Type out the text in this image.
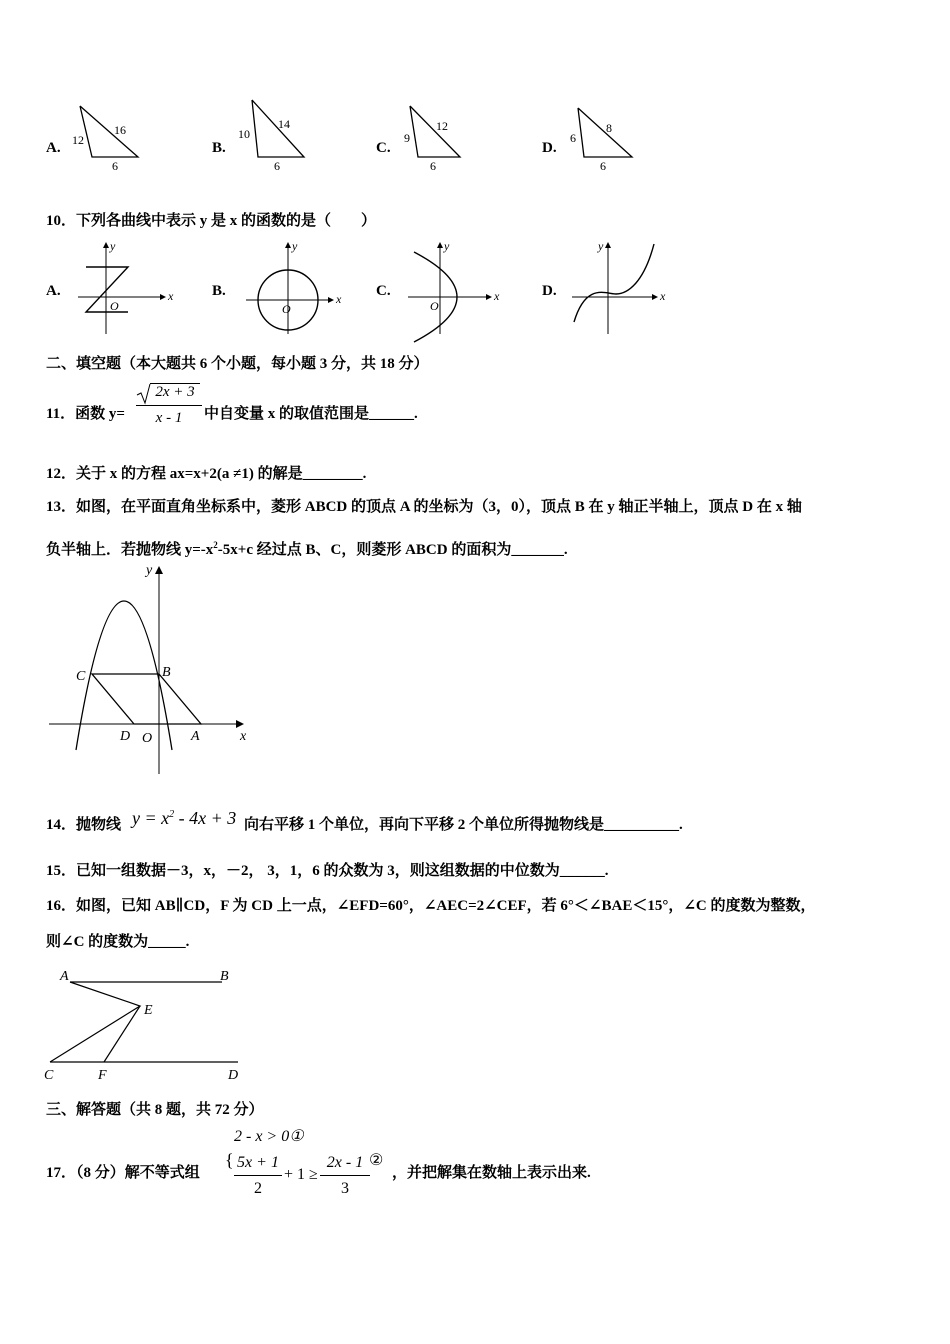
A. 12
16
6
B.
10
14
6
C.
9
12
6
D.
6
8
6
10．下列各曲线中表示 y 是 x 的函数的是（　　）
A.	x
y
O
B.	x
y
O
C.	x
y
O
D.	x
y
二、填空题（本大题共 6 个小题，每小题 3 分，共 18 分）
11．函数 y=
2x + 3
x - 1	中自变量 x 的取值范围是______.
12．关于 x 的方程 ax=x+2(a ≠1) 的解是________.
13．如图，在平面直角坐标系中，菱形 ABCD 的顶点 A 的坐标为（3，0），顶点 B 在 y 轴正半轴上，顶点 D 在 x 轴
负半轴上．若抛物线 $y=-x^2-5x+c$ 经过点 B、C，则菱形 ABCD 的面积为_______.
y
x
C	B
D O	A
14．抛物线 $y = x^2 - 4x + 3$ 向右平移 1 个单位，再向下平移 2 个单位所得抛物线是__________.
15．已知一组数据－3，x，－2， 3，1，6 的众数为 3，则这组数据的中位数为______.
16．如图，已知 AB∥CD，F 为 CD 上一点，∠EFD=60°，∠AEC=2∠CEF，若 6°＜∠BAE＜15°，∠C 的度数为整数，
则∠C 的度数为_____.
A	B
E
C	F	D
三、解答题（共 8 题，共 72 分）
17．（8 分）解不等式组
2 - x > 0①
{ 5x + 1
2
+ 1 ≥
2x - 1 ②
3
，并把解集在数轴上表示出来.
